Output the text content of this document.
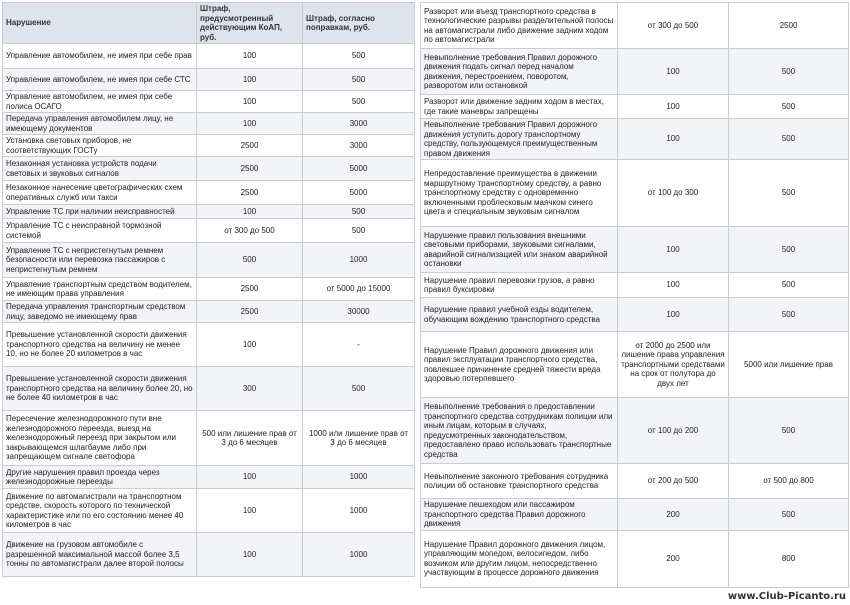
Нарушение	Штраф, предусмотренный действующим КоАП, руб.	Штраф, согласно поправкам, руб.
Управление автомобилем, не имея при себе прав	100	500
Управление автомобилем, не имея при себе СТС	100	500
Управление автомобилем, не имея при себе полиса ОСАГО	100	500
Передача управления автомобилем лицу, не имеющему документов	100	3000
Установка световых приборов, не соответствующих ГОСТу	2500	3000
Незаконная установка устройств подачи световых и звуковых сигналов	2500	5000
Незаконное нанесение цветографических схем оперативных служб или такси	2500	5000
Управление ТС при наличии неисправностей	100	500
Управление ТС с неисправной тормозной системой	от 300 до 500	500
Управление ТС с непристегнутым ремнем безопасности или перевозка пассажиров с непристегнутым ремнем	500	1000
Управление транспортным средством водителем, не имеющим права управления	2500	от 5000 до 15000
Передача управления транспортным средством лицу, заведомо не имеющему прав	2500	30000
Превышение установленной скорости движения транспортного средства на величину не менее 10, но не более 20 километров в час	100	-
Превышение установленной скорости движения транспортного средства на величину более 20, но не более 40 километров в час	300	500
Пересечение железнодорожного пути вне железнодорожного переезда, выезд на железнодорожный переезд при закрытом или закрывающемся шлагбауме либо при запрещающем сигнале светофора	500 или лишение прав от 3 до 6 месяцев	1000 или лишение прав от 3 до 6 месяцев
Другие нарушения правил проезда через железнодорожные переезды	100	1000
Движение по автомагистрали на транспортном средстве, скорость которого по технической характеристике или по его состоянию менее 40 километров в час	100	1000
Движение на грузовом автомобиле с разрешенной максимальной массой более 3,5 тонны по автомагистрали далее второй полосы	100	1000
Разворот или въезд транспортного средства в технологические разрывы разделительной полосы на автомагистрали либо движение задним ходом по автомагистрали	от 300 до 500	2500
Невыполнение требования Правил дорожного движения подать сигнал перед началом движения, перестроением, поворотом, разворотом или остановкой	100	500
Разворот или движение задним ходом в местах, где такие маневры запрещены	100	500
Невыполнение требования Правил дорожного движения уступить дорогу транспортному средству, пользующемуся преимущественным правом движения	100	500
Непредоставление преимущества в движении маршрутному транспортному средству, а равно транспортному средству с одновременно включенными проблесковым маячком синего цвета и специальным звуковым сигналом	от 100 до 300	500
Нарушение правил пользования внешними световыми приборами, звуковыми сигналами, аварийной сигнализацией или знаком аварийной остановки	100	500
Нарушение правил перевозки грузов, а равно правил буксировки	100	500
Нарушение правил учебной езды водителем, обучающим вождению транспортного средства	100	500
Нарушение Правил дорожного движения или правил эксплуатации транспортного средства, повлекшее причинение средней тяжести вреда здоровью потерпевшего	от 2000 до 2500 или лишение права управления транспортными средствами на срок от полутора до двух лет	5000 или лишение прав
Невыполнение требования о предоставлении транспортного средства сотрудникам полиции или иным лицам, которым в случаях, предусмотренных законодательством, предоставлено право использовать транспортные средства	от 100 до 200	500
Невыполнение законного требования сотрудника полиции об остановке транспортного средства	от 200 до 500	от 500 до 800
Нарушение пешеходом или пассажиром транспортного средства Правил дорожного движения	200	500
Нарушение Правил дорожного движения лицом, управляющим мопедом, велосипедом, либо возчиком или другим лицом, непосредственно участвующим в процессе дорожного движения	200	800
www.Club-Picanto.ru
